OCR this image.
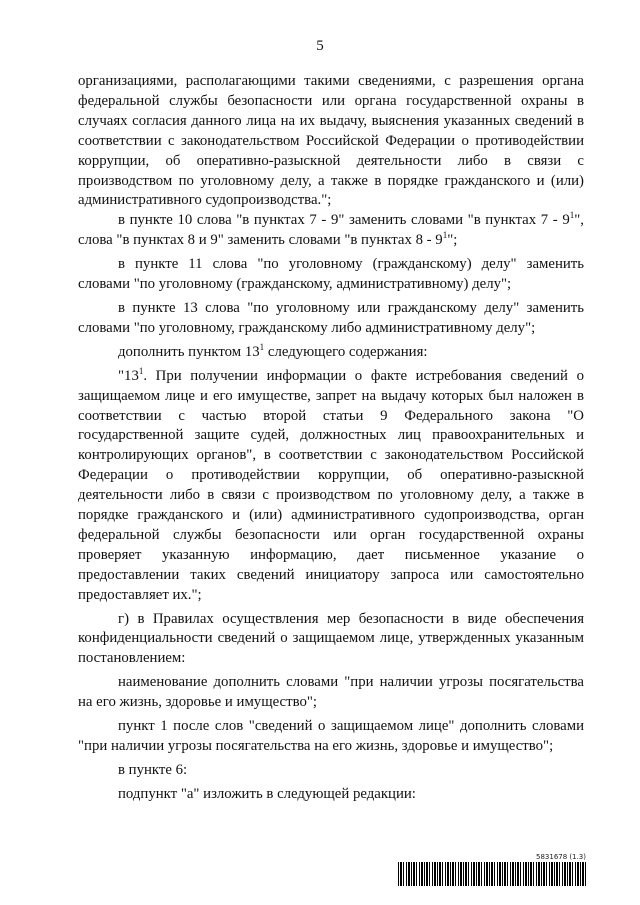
5

организациями, располагающими такими сведениями, с разрешения органа федеральной службы безопасности или органа государственной охраны в случаях согласия данного лица на их выдачу, выяснения указанных сведений в соответствии с законодательством Российской Федерации о противодействии коррупции, об оперативно-разыскной деятельности либо в связи с производством по уголовному делу, а также в порядке гражданского и (или) административного судопроизводства.";

в пункте 10 слова "в пунктах 7 - 9" заменить словами "в пунктах $7 - 9^1$", слова "в пунктах 8 и 9" заменить словами "в пунктах $8 - 9^1$";

в пункте 11 слова "по уголовному (гражданскому) делу" заменить словами "по уголовному (гражданскому, административному) делу";

в пункте 13 слова "по уголовному или гражданскому делу" заменить словами "по уголовному, гражданскому либо административному делу";

дополнить пунктом $13^1$ следующего содержания:

"$13^1$. При получении информации о факте истребования сведений о защищаемом лице и его имуществе, запрет на выдачу которых был наложен в соответствии с частью второй статьи 9 Федерального закона "О государственной защите судей, должностных лиц правоохранительных и контролирующих органов", в соответствии с законодательством Российской Федерации о противодействии коррупции, об оперативно-разыскной деятельности либо в связи с производством по уголовному делу, а также в порядке гражданского и (или) административного судопроизводства, орган федеральной службы безопасности или орган государственной охраны проверяет указанную информацию, дает письменное указание о предоставлении таких сведений инициатору запроса или самостоятельно предоставляет их.";

г) в Правилах осуществления мер безопасности в виде обеспечения конфиденциальности сведений о защищаемом лице, утвержденных указанным постановлением:

наименование дополнить словами "при наличии угрозы посягательства на его жизнь, здоровье и имущество";

пункт 1 после слов "сведений о защищаемом лице" дополнить словами "при наличии угрозы посягательства на его жизнь, здоровье и имущество";

в пункте 6:

подпункт "а" изложить в следующей редакции:

5831678 (1.3)
